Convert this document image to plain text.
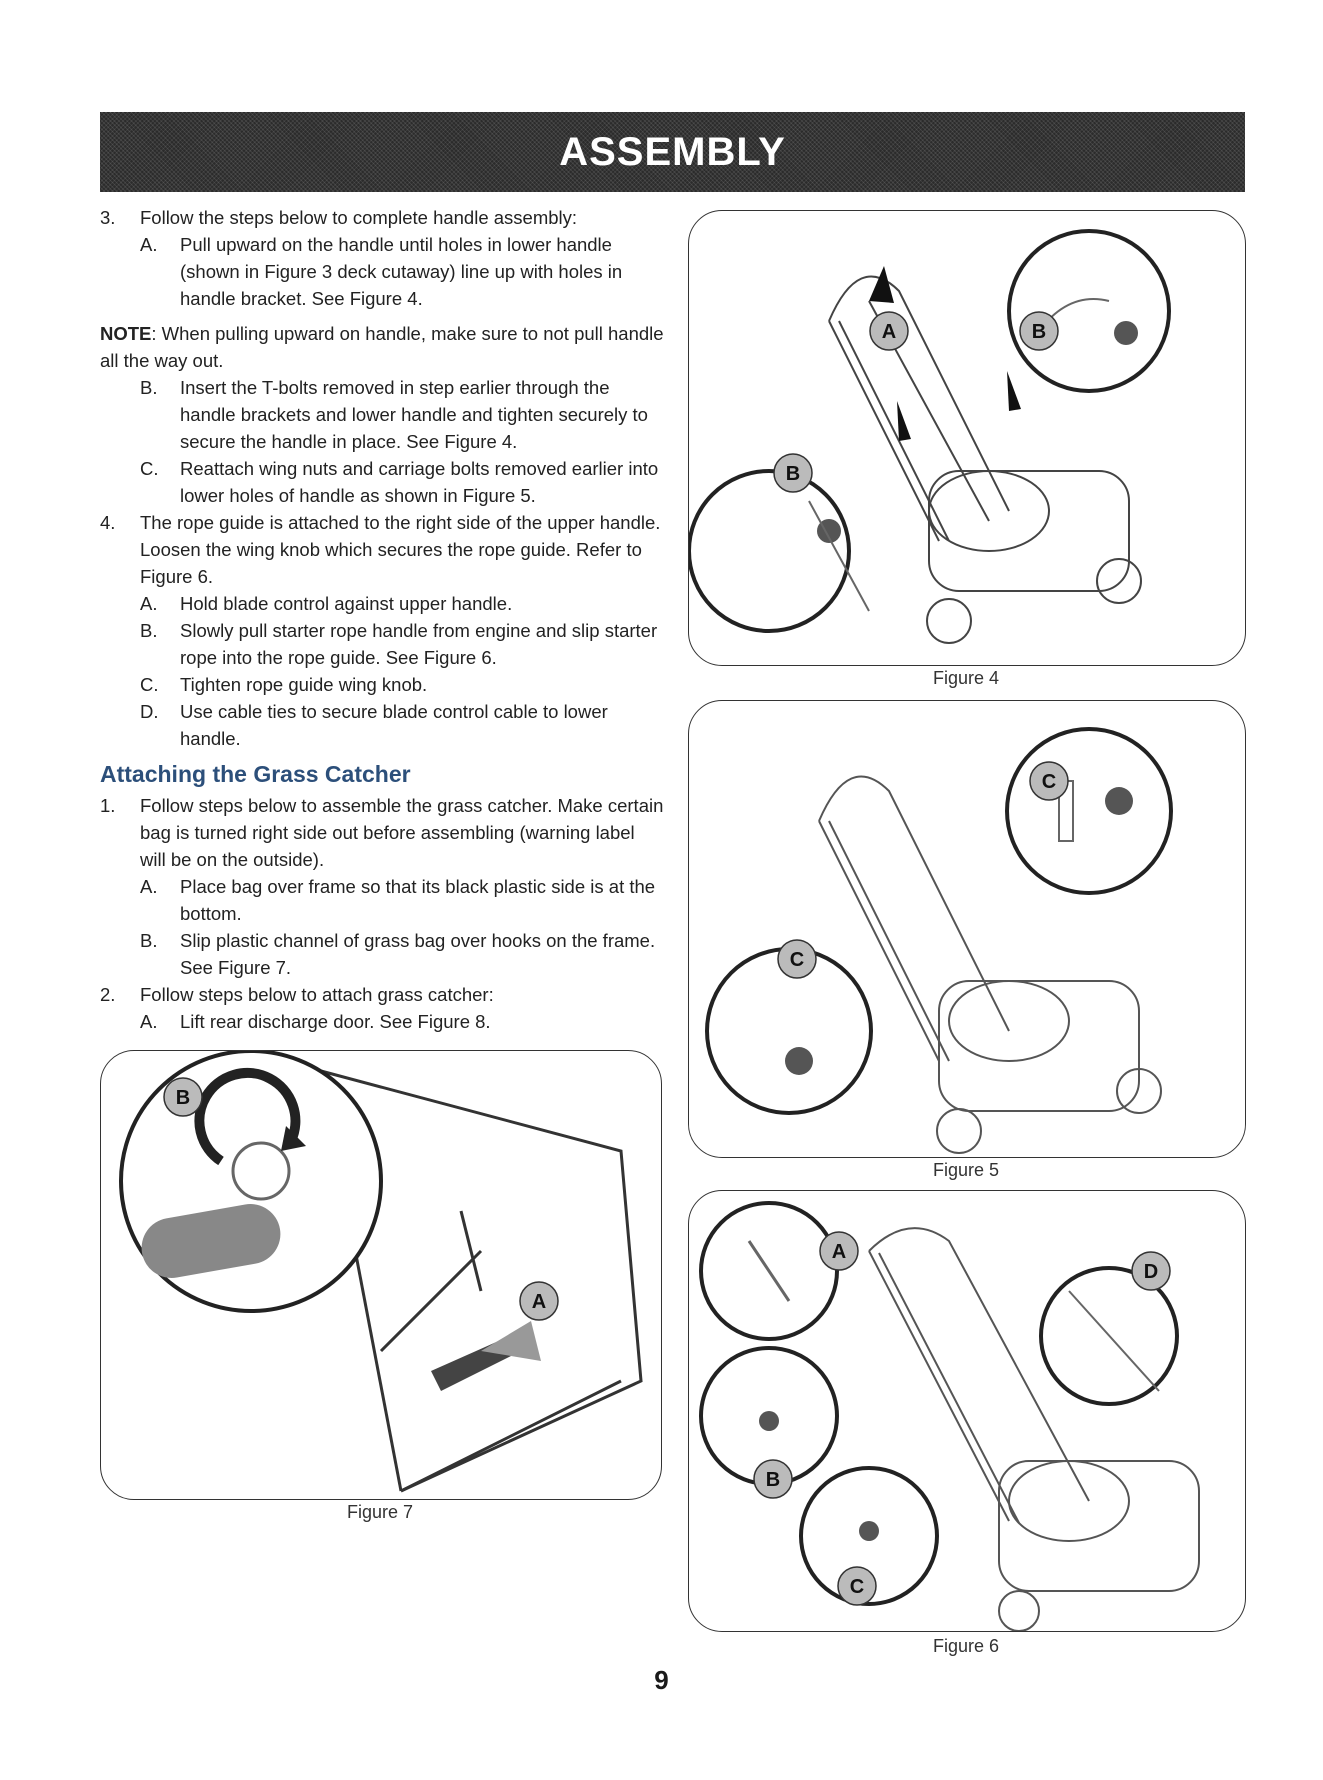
ASSEMBLY
3. Follow the steps below to complete handle assembly:
A. Pull upward on the handle until holes in lower handle (shown in Figure 3 deck cutaway) line up with holes in handle bracket. See Figure 4.
NOTE: When pulling upward on handle, make sure to not pull handle all the way out.
B. Insert the T-bolts removed in step earlier through the handle brackets and lower handle and tighten securely to secure the handle in place. See Figure 4.
C. Reattach wing nuts and carriage bolts removed earlier into lower holes of handle as shown in Figure 5.
4. The rope guide is attached to the right side of the upper handle. Loosen the wing knob which secures the rope guide. Refer to Figure 6.
A. Hold blade control against upper handle.
B. Slowly pull starter rope handle from engine and slip starter rope into the rope guide. See Figure 6.
C. Tighten rope guide wing knob.
D. Use cable ties to secure blade control cable to lower handle.
Attaching the Grass Catcher
1. Follow steps below to assemble the grass catcher. Make certain bag is turned right side out before assembling (warning label will be on the outside).
A. Place bag over frame so that its black plastic side is at the bottom.
B. Slip plastic channel of grass bag over hooks on the frame. See Figure 7.
2. Follow steps below to attach grass catcher:
A. Lift rear discharge door. See Figure 8.
A	B
B
Figure 4
C
C
Figure 5
A
D
B
C
Figure 6
B
A
Figure 7
9
